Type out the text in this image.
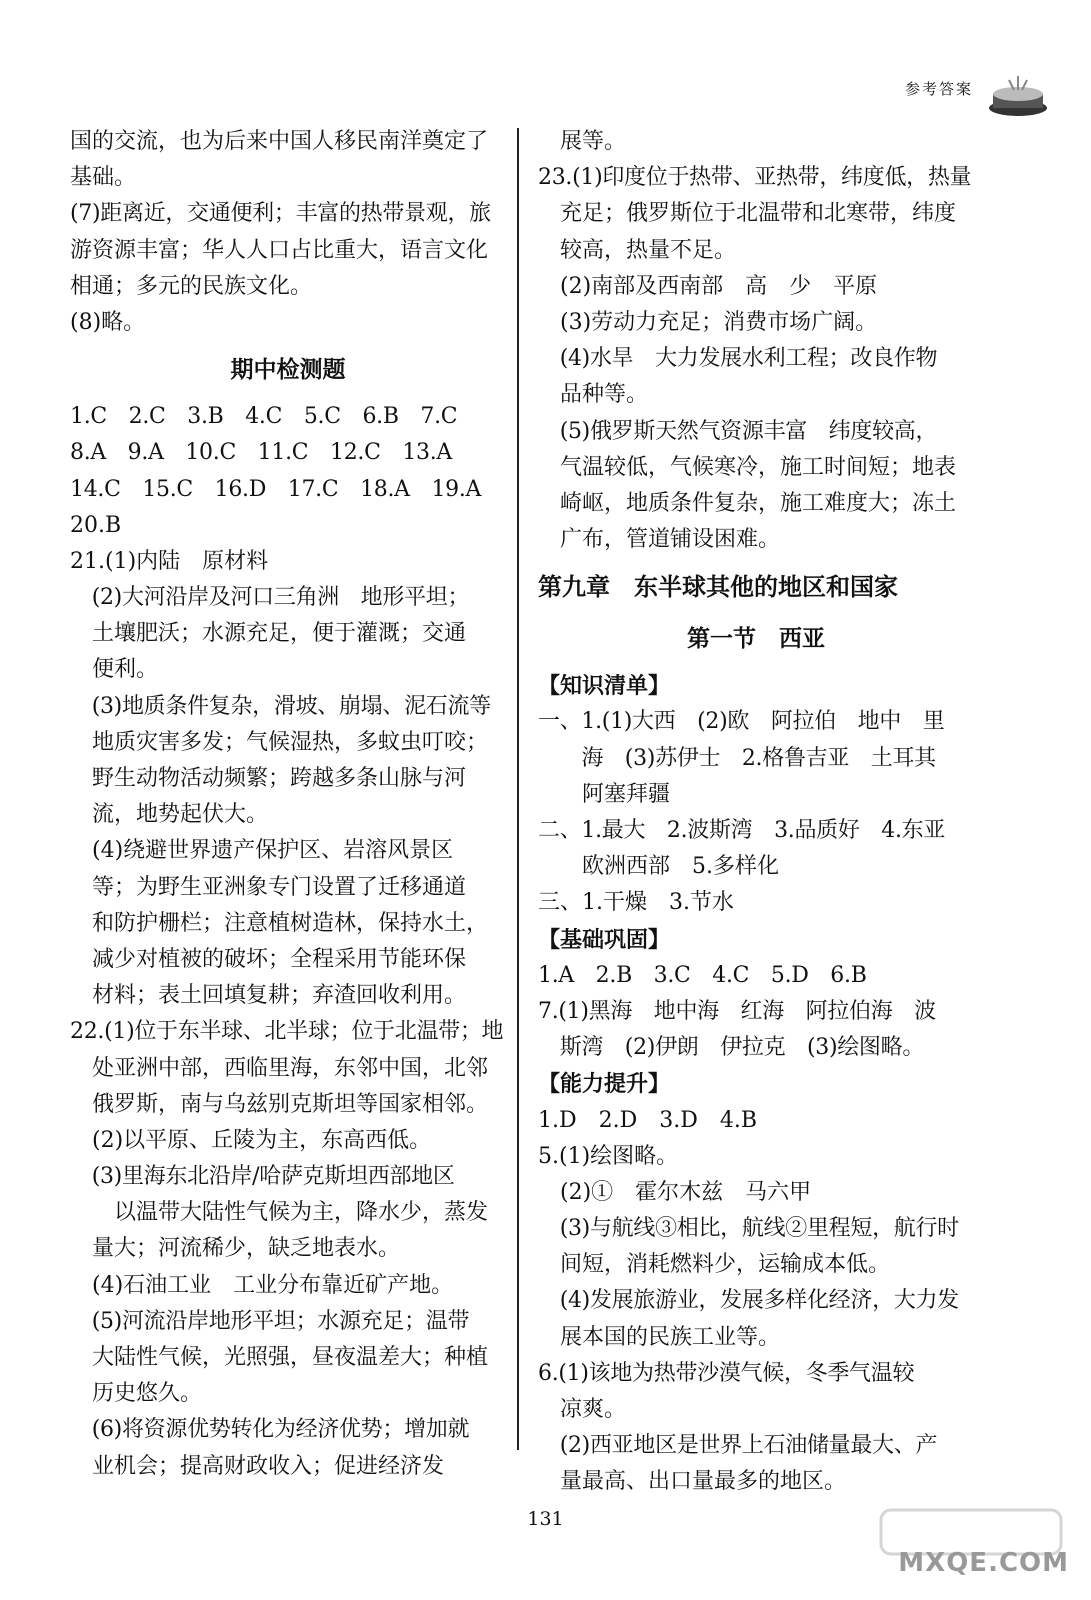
参考答案
国的交流，也为后来中国人移民南洋奠定了
基础。
(7)距离近，交通便利；丰富的热带景观，旅
游资源丰富；华人人口占比重大，语言文化
相通；多元的民族文化。
(8)略。
期中检测题
1.C　2.C　3.B　4.C　5.C　6.B　7.C
8.A　9.A　10.C　11.C　12.C　13.A
14.C　15.C　16.D　17.C　18.A　19.A
20.B
21.(1)内陆　原材料
　(2)大河沿岸及河口三角洲　地形平坦；
　土壤肥沃；水源充足，便于灌溉；交通
　便利。
　(3)地质条件复杂，滑坡、崩塌、泥石流等
　地质灾害多发；气候湿热，多蚊虫叮咬；
　野生动物活动频繁；跨越多条山脉与河
　流，地势起伏大。
　(4)绕避世界遗产保护区、岩溶风景区
　等；为野生亚洲象专门设置了迁移通道
　和防护栅栏；注意植树造林，保持水土，
　减少对植被的破坏；全程采用节能环保
　材料；表土回填复耕；弃渣回收利用。
22.(1)位于东半球、北半球；位于北温带；地
　处亚洲中部，西临里海，东邻中国，北邻
　俄罗斯，南与乌兹别克斯坦等国家相邻。
　(2)以平原、丘陵为主，东高西低。
　(3)里海东北沿岸/哈萨克斯坦西部地区
　　以温带大陆性气候为主，降水少，蒸发
　量大；河流稀少，缺乏地表水。
　(4)石油工业　工业分布靠近矿产地。
　(5)河流沿岸地形平坦；水源充足；温带
　大陆性气候，光照强，昼夜温差大；种植
　历史悠久。
　(6)将资源优势转化为经济优势；增加就
　业机会；提高财政收入；促进经济发
　展等。
23.(1)印度位于热带、亚热带，纬度低，热量
　充足；俄罗斯位于北温带和北寒带，纬度
　较高，热量不足。
　(2)南部及西南部　高　少　平原
　(3)劳动力充足；消费市场广阔。
　(4)水旱　大力发展水利工程；改良作物
　品种等。
　(5)俄罗斯天然气资源丰富　纬度较高，
　气温较低，气候寒冷，施工时间短；地表
　崎岖，地质条件复杂，施工难度大；冻土
　广布，管道铺设困难。
第九章　东半球其他的地区和国家
第一节　西亚
【知识清单】
一、1.(1)大西　(2)欧　阿拉伯　地中　里
　　海　(3)苏伊士　2.格鲁吉亚　土耳其
　　阿塞拜疆
二、1.最大　2.波斯湾　3.品质好　4.东亚
　　欧洲西部　5.多样化
三、1.干燥　3.节水
【基础巩固】
1.A　2.B　3.C　4.C　5.D　6.B
7.(1)黑海　地中海　红海　阿拉伯海　波
　斯湾　(2)伊朗　伊拉克　(3)绘图略。
【能力提升】
1.D　2.D　3.D　4.B
5.(1)绘图略。
　(2)①　霍尔木兹　马六甲
　(3)与航线③相比，航线②里程短，航行时
　间短，消耗燃料少，运输成本低。
　(4)发展旅游业，发展多样化经济，大力发
　展本国的民族工业等。
6.(1)该地为热带沙漠气候，冬季气温较
　凉爽。
　(2)西亚地区是世界上石油储量最大、产
　量最高、出口量最多的地区。
131
MXQE.COM
